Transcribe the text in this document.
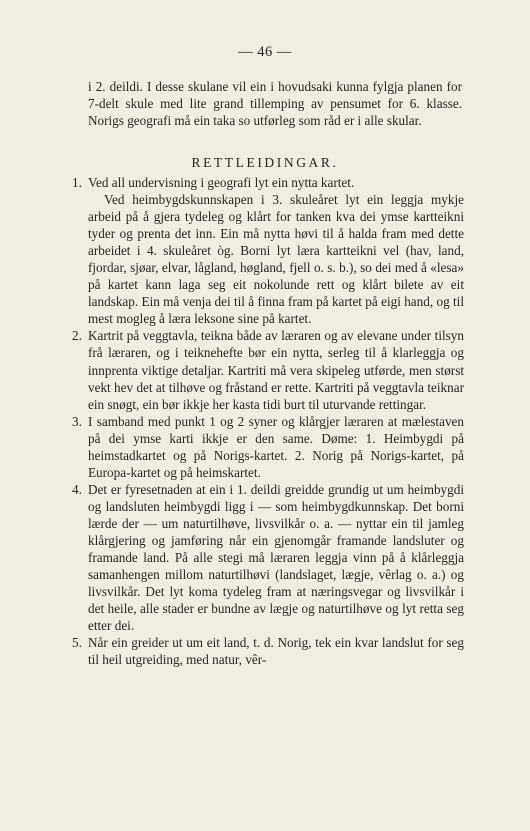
— 46 —

i 2. deildi. I desse skulane vil ein i hovudsaki kunna fylgja planen for 7-delt skule med lite grand tillemping av pensumet for 6. klasse. Norigs geografi må ein taka so utførleg som råd er i alle skular.

RETTLEIDINGAR.
1. Ved all undervisning i geografi lyt ein nytta kartet.

Ved heimbygdskunnskapen i 3. skuleåret lyt ein leggja mykje arbeid på å gjera tydeleg og klårt for tanken kva dei ymse kartteikni tyder og prenta det inn. Ein må nytta høvi til å halda fram med dette arbeidet i 4. skuleåret òg. Borni lyt læra kartteikni vel (hav, land, fjordar, sjøar, elvar, lågland, høgland, fjell o. s. b.), so dei med å «lesa» på kartet kann laga seg eit nokolunde rett og klårt bilete av eit landskap. Ein må venja dei til å finna fram på kartet på eigi hand, og til mest mogleg å læra leksone sine på kartet.

2. Kartrit på veggtavla, teikna både av læraren og av elevane under tilsyn frå læraren, og i teiknehefte bør ein nytta, serleg til å klarleggja og innprenta viktige detaljar. Kartriti må vera skipeleg utførde, men størst vekt hev det at tilhøve og fråstand er rette. Kartriti på veggtavla teiknar ein snøgt, ein bør ikkje her kasta tidi burt til uturvande rettingar.

3. I samband med punkt 1 og 2 syner og klårgjer læraren at mælestaven på dei ymse karti ikkje er den same. Døme: 1. Heimbygdi på heimstadkartet og på Norigs-kartet. 2. Norig på Norigs-kartet, på Europa-kartet og på heimskartet.

4. Det er fyresetnaden at ein i 1. deildi greidde grundig ut um heimbygdi og landsluten heimbygdi ligg i — som heimbygdkunnskap. Det borni lærde der — um naturtilhøve, livsvilkår o. a. — nyttar ein til jamleg klårgjering og jamføring når ein gjenomgår framande landsluter og framande land. På alle stegi må læraren leggja vinn på å klårleggja samanhengen millom naturtilhøvi (landslaget, lægje, vêrlag o. a.) og livsvilkår. Det lyt koma tydeleg fram at næringsvegar og livsvilkår i det heile, alle stader er bundne av lægje og naturtilhøve og lyt retta seg etter dei.

5. Når ein greider ut um eit land, t. d. Norig, tek ein kvar landslut for seg til heil utgreiding, med natur, vêr-
